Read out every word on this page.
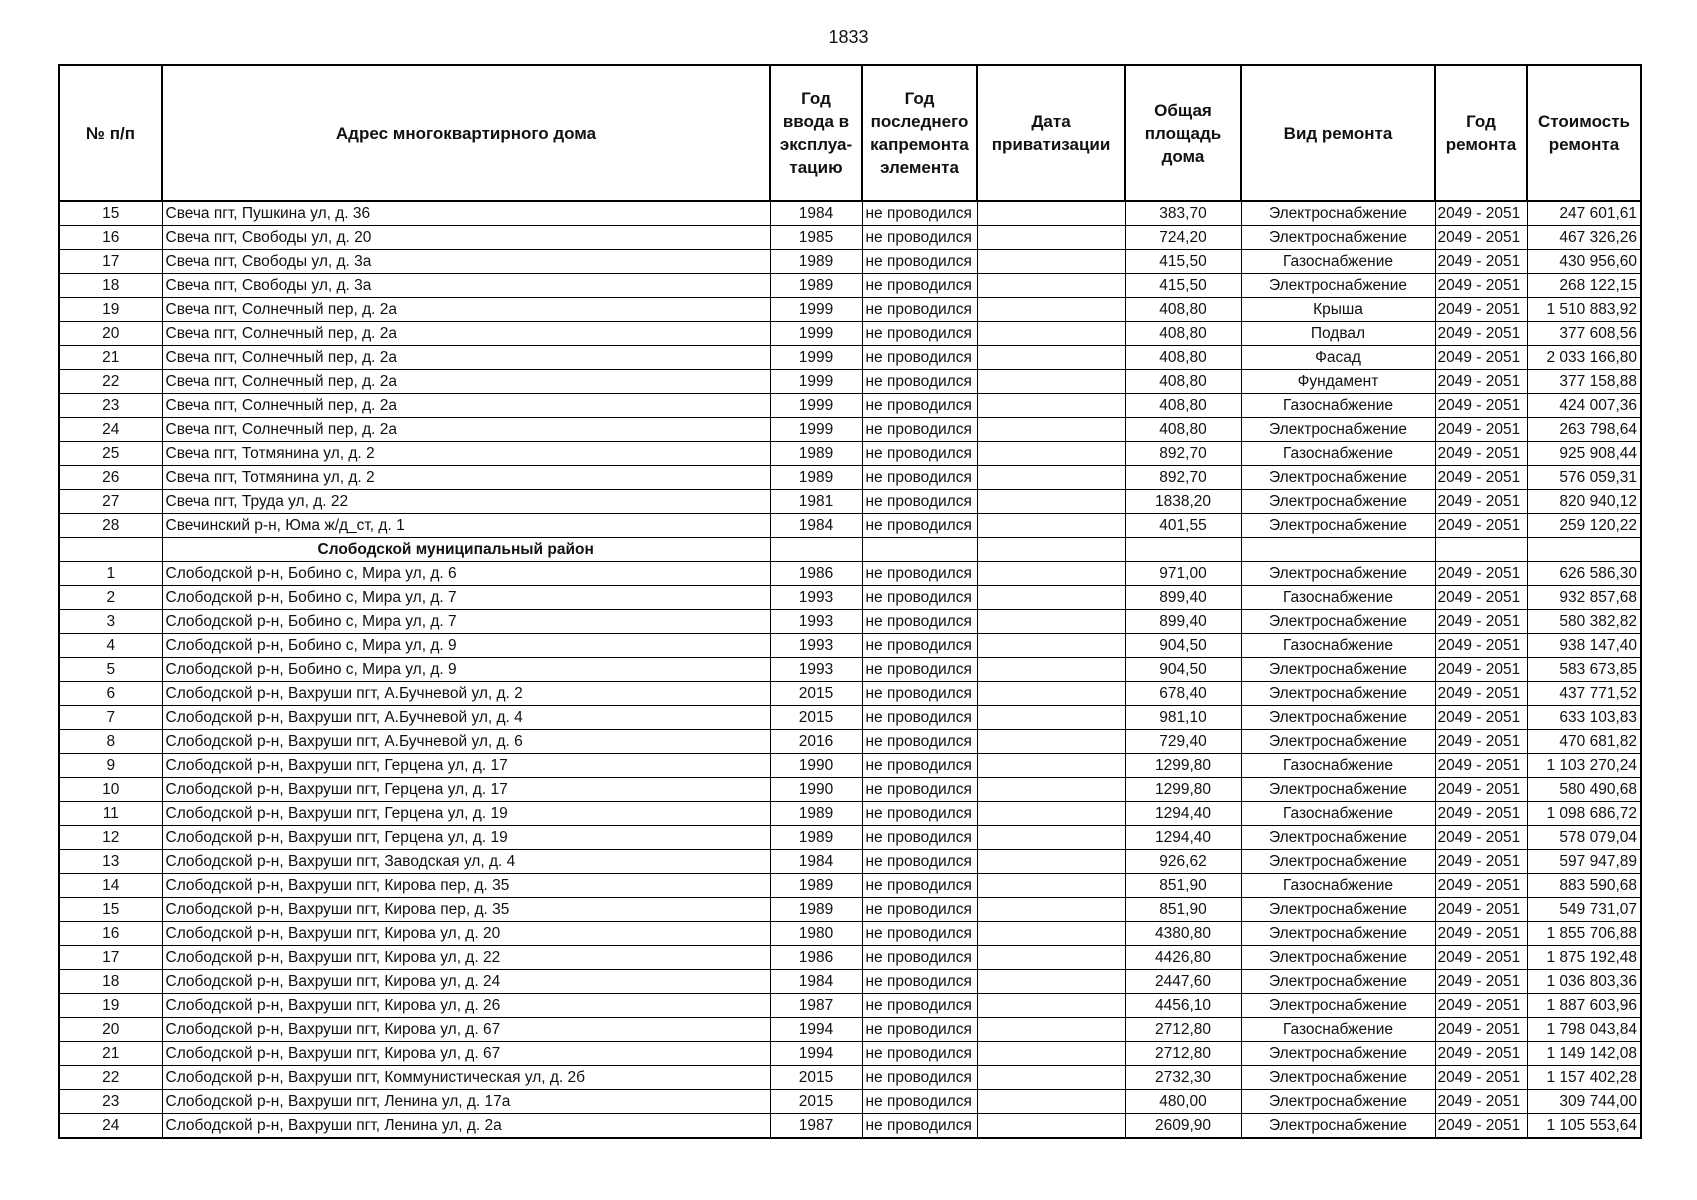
1833
№ п/п	Адрес многоквартирного дома	Год ввода в эксплуа-тацию	Год последнего капремонта элемента	Дата приватизации	Общая площадь дома	Вид ремонта	Год ремонта	Стоимость ремонта
15	Свеча пгт, Пушкина ул, д. 36	1984	не проводился		383,70	Электроснабжение	2049 - 2051	247 601,61
16	Свеча пгт, Свободы ул, д. 20	1985	не проводился		724,20	Электроснабжение	2049 - 2051	467 326,26
17	Свеча пгт, Свободы ул, д. 3а	1989	не проводился		415,50	Газоснабжение	2049 - 2051	430 956,60
18	Свеча пгт, Свободы ул, д. 3а	1989	не проводился		415,50	Электроснабжение	2049 - 2051	268 122,15
19	Свеча пгт, Солнечный пер, д. 2а	1999	не проводился		408,80	Крыша	2049 - 2051	1 510 883,92
20	Свеча пгт, Солнечный пер, д. 2а	1999	не проводился		408,80	Подвал	2049 - 2051	377 608,56
21	Свеча пгт, Солнечный пер, д. 2а	1999	не проводился		408,80	Фасад	2049 - 2051	2 033 166,80
22	Свеча пгт, Солнечный пер, д. 2а	1999	не проводился		408,80	Фундамент	2049 - 2051	377 158,88
23	Свеча пгт, Солнечный пер, д. 2а	1999	не проводился		408,80	Газоснабжение	2049 - 2051	424 007,36
24	Свеча пгт, Солнечный пер, д. 2а	1999	не проводился		408,80	Электроснабжение	2049 - 2051	263 798,64
25	Свеча пгт, Тотмянина ул, д. 2	1989	не проводился		892,70	Газоснабжение	2049 - 2051	925 908,44
26	Свеча пгт, Тотмянина ул, д. 2	1989	не проводился		892,70	Электроснабжение	2049 - 2051	576 059,31
27	Свеча пгт, Труда ул, д. 22	1981	не проводился		1838,20	Электроснабжение	2049 - 2051	820 940,12
28	Свечинский р-н, Юма ж/д_ст, д. 1	1984	не проводился		401,55	Электроснабжение	2049 - 2051	259 120,22
	Слободской муниципальный район							
1	Слободской р-н, Бобино с, Мира ул, д. 6	1986	не проводился		971,00	Электроснабжение	2049 - 2051	626 586,30
2	Слободской р-н, Бобино с, Мира ул, д. 7	1993	не проводился		899,40	Газоснабжение	2049 - 2051	932 857,68
3	Слободской р-н, Бобино с, Мира ул, д. 7	1993	не проводился		899,40	Электроснабжение	2049 - 2051	580 382,82
4	Слободской р-н, Бобино с, Мира ул, д. 9	1993	не проводился		904,50	Газоснабжение	2049 - 2051	938 147,40
5	Слободской р-н, Бобино с, Мира ул, д. 9	1993	не проводился		904,50	Электроснабжение	2049 - 2051	583 673,85
6	Слободской р-н, Вахруши пгт, А.Бучневой ул, д. 2	2015	не проводился		678,40	Электроснабжение	2049 - 2051	437 771,52
7	Слободской р-н, Вахруши пгт, А.Бучневой ул, д. 4	2015	не проводился		981,10	Электроснабжение	2049 - 2051	633 103,83
8	Слободской р-н, Вахруши пгт, А.Бучневой ул, д. 6	2016	не проводился		729,40	Электроснабжение	2049 - 2051	470 681,82
9	Слободской р-н, Вахруши пгт, Герцена ул, д. 17	1990	не проводился		1299,80	Газоснабжение	2049 - 2051	1 103 270,24
10	Слободской р-н, Вахруши пгт, Герцена ул, д. 17	1990	не проводился		1299,80	Электроснабжение	2049 - 2051	580 490,68
11	Слободской р-н, Вахруши пгт, Герцена ул, д. 19	1989	не проводился		1294,40	Газоснабжение	2049 - 2051	1 098 686,72
12	Слободской р-н, Вахруши пгт, Герцена ул, д. 19	1989	не проводился		1294,40	Электроснабжение	2049 - 2051	578 079,04
13	Слободской р-н, Вахруши пгт, Заводская ул, д. 4	1984	не проводился		926,62	Электроснабжение	2049 - 2051	597 947,89
14	Слободской р-н, Вахруши пгт, Кирова пер, д. 35	1989	не проводился		851,90	Газоснабжение	2049 - 2051	883 590,68
15	Слободской р-н, Вахруши пгт, Кирова пер, д. 35	1989	не проводился		851,90	Электроснабжение	2049 - 2051	549 731,07
16	Слободской р-н, Вахруши пгт, Кирова ул, д. 20	1980	не проводился		4380,80	Электроснабжение	2049 - 2051	1 855 706,88
17	Слободской р-н, Вахруши пгт, Кирова ул, д. 22	1986	не проводился		4426,80	Электроснабжение	2049 - 2051	1 875 192,48
18	Слободской р-н, Вахруши пгт, Кирова ул, д. 24	1984	не проводился		2447,60	Электроснабжение	2049 - 2051	1 036 803,36
19	Слободской р-н, Вахруши пгт, Кирова ул, д. 26	1987	не проводился		4456,10	Электроснабжение	2049 - 2051	1 887 603,96
20	Слободской р-н, Вахруши пгт, Кирова ул, д. 67	1994	не проводился		2712,80	Газоснабжение	2049 - 2051	1 798 043,84
21	Слободской р-н, Вахруши пгт, Кирова ул, д. 67	1994	не проводился		2712,80	Электроснабжение	2049 - 2051	1 149 142,08
22	Слободской р-н, Вахруши пгт, Коммунистическая ул, д. 2б	2015	не проводился		2732,30	Электроснабжение	2049 - 2051	1 157 402,28
23	Слободской р-н, Вахруши пгт, Ленина ул, д. 17а	2015	не проводился		480,00	Электроснабжение	2049 - 2051	309 744,00
24	Слободской р-н, Вахруши пгт, Ленина ул, д. 2а	1987	не проводился		2609,90	Электроснабжение	2049 - 2051	1 105 553,64
